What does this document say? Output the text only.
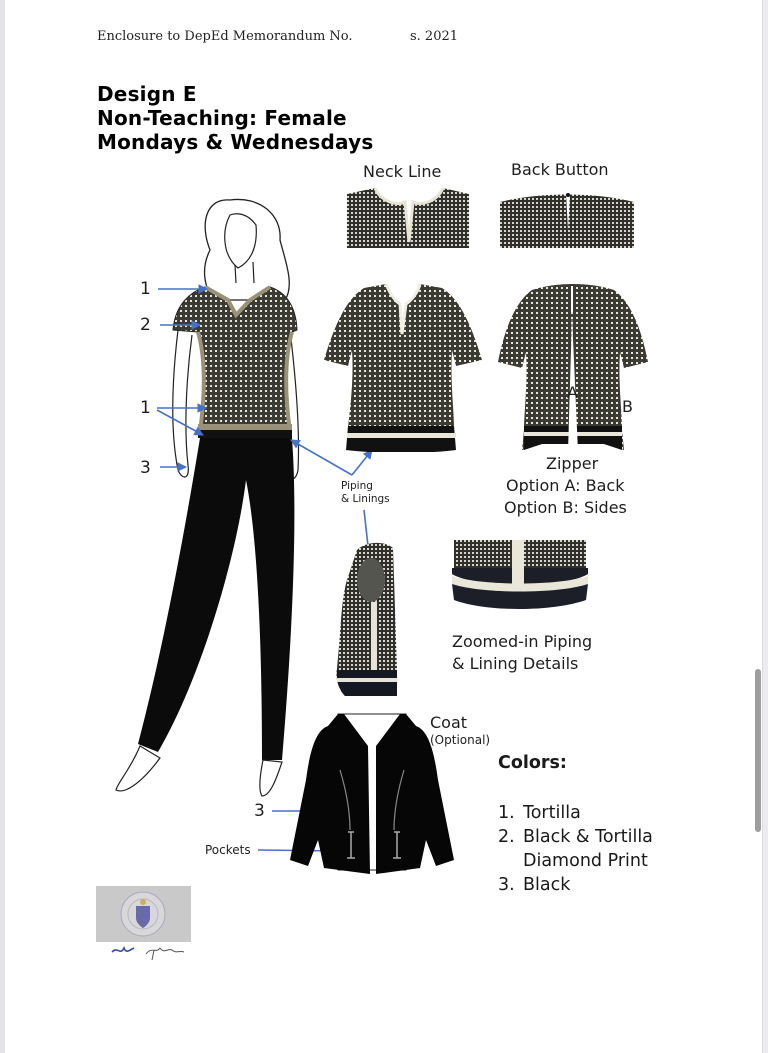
Enclosure to DepEd Memorandum No.	s. 2021
Design E
Non-Teaching: Female
Mondays & Wednesdays
1
2
1
3
Neck Line	Back Button
A
B
Zipper
Option A: Back
Option B: Sides
Piping
& Linings
Zoomed-in Piping
& Lining Details
Coat
(Optional)
3
Pockets
Colors:
1. Tortilla
2. Black & Tortilla
Diamond Print
3. Black
